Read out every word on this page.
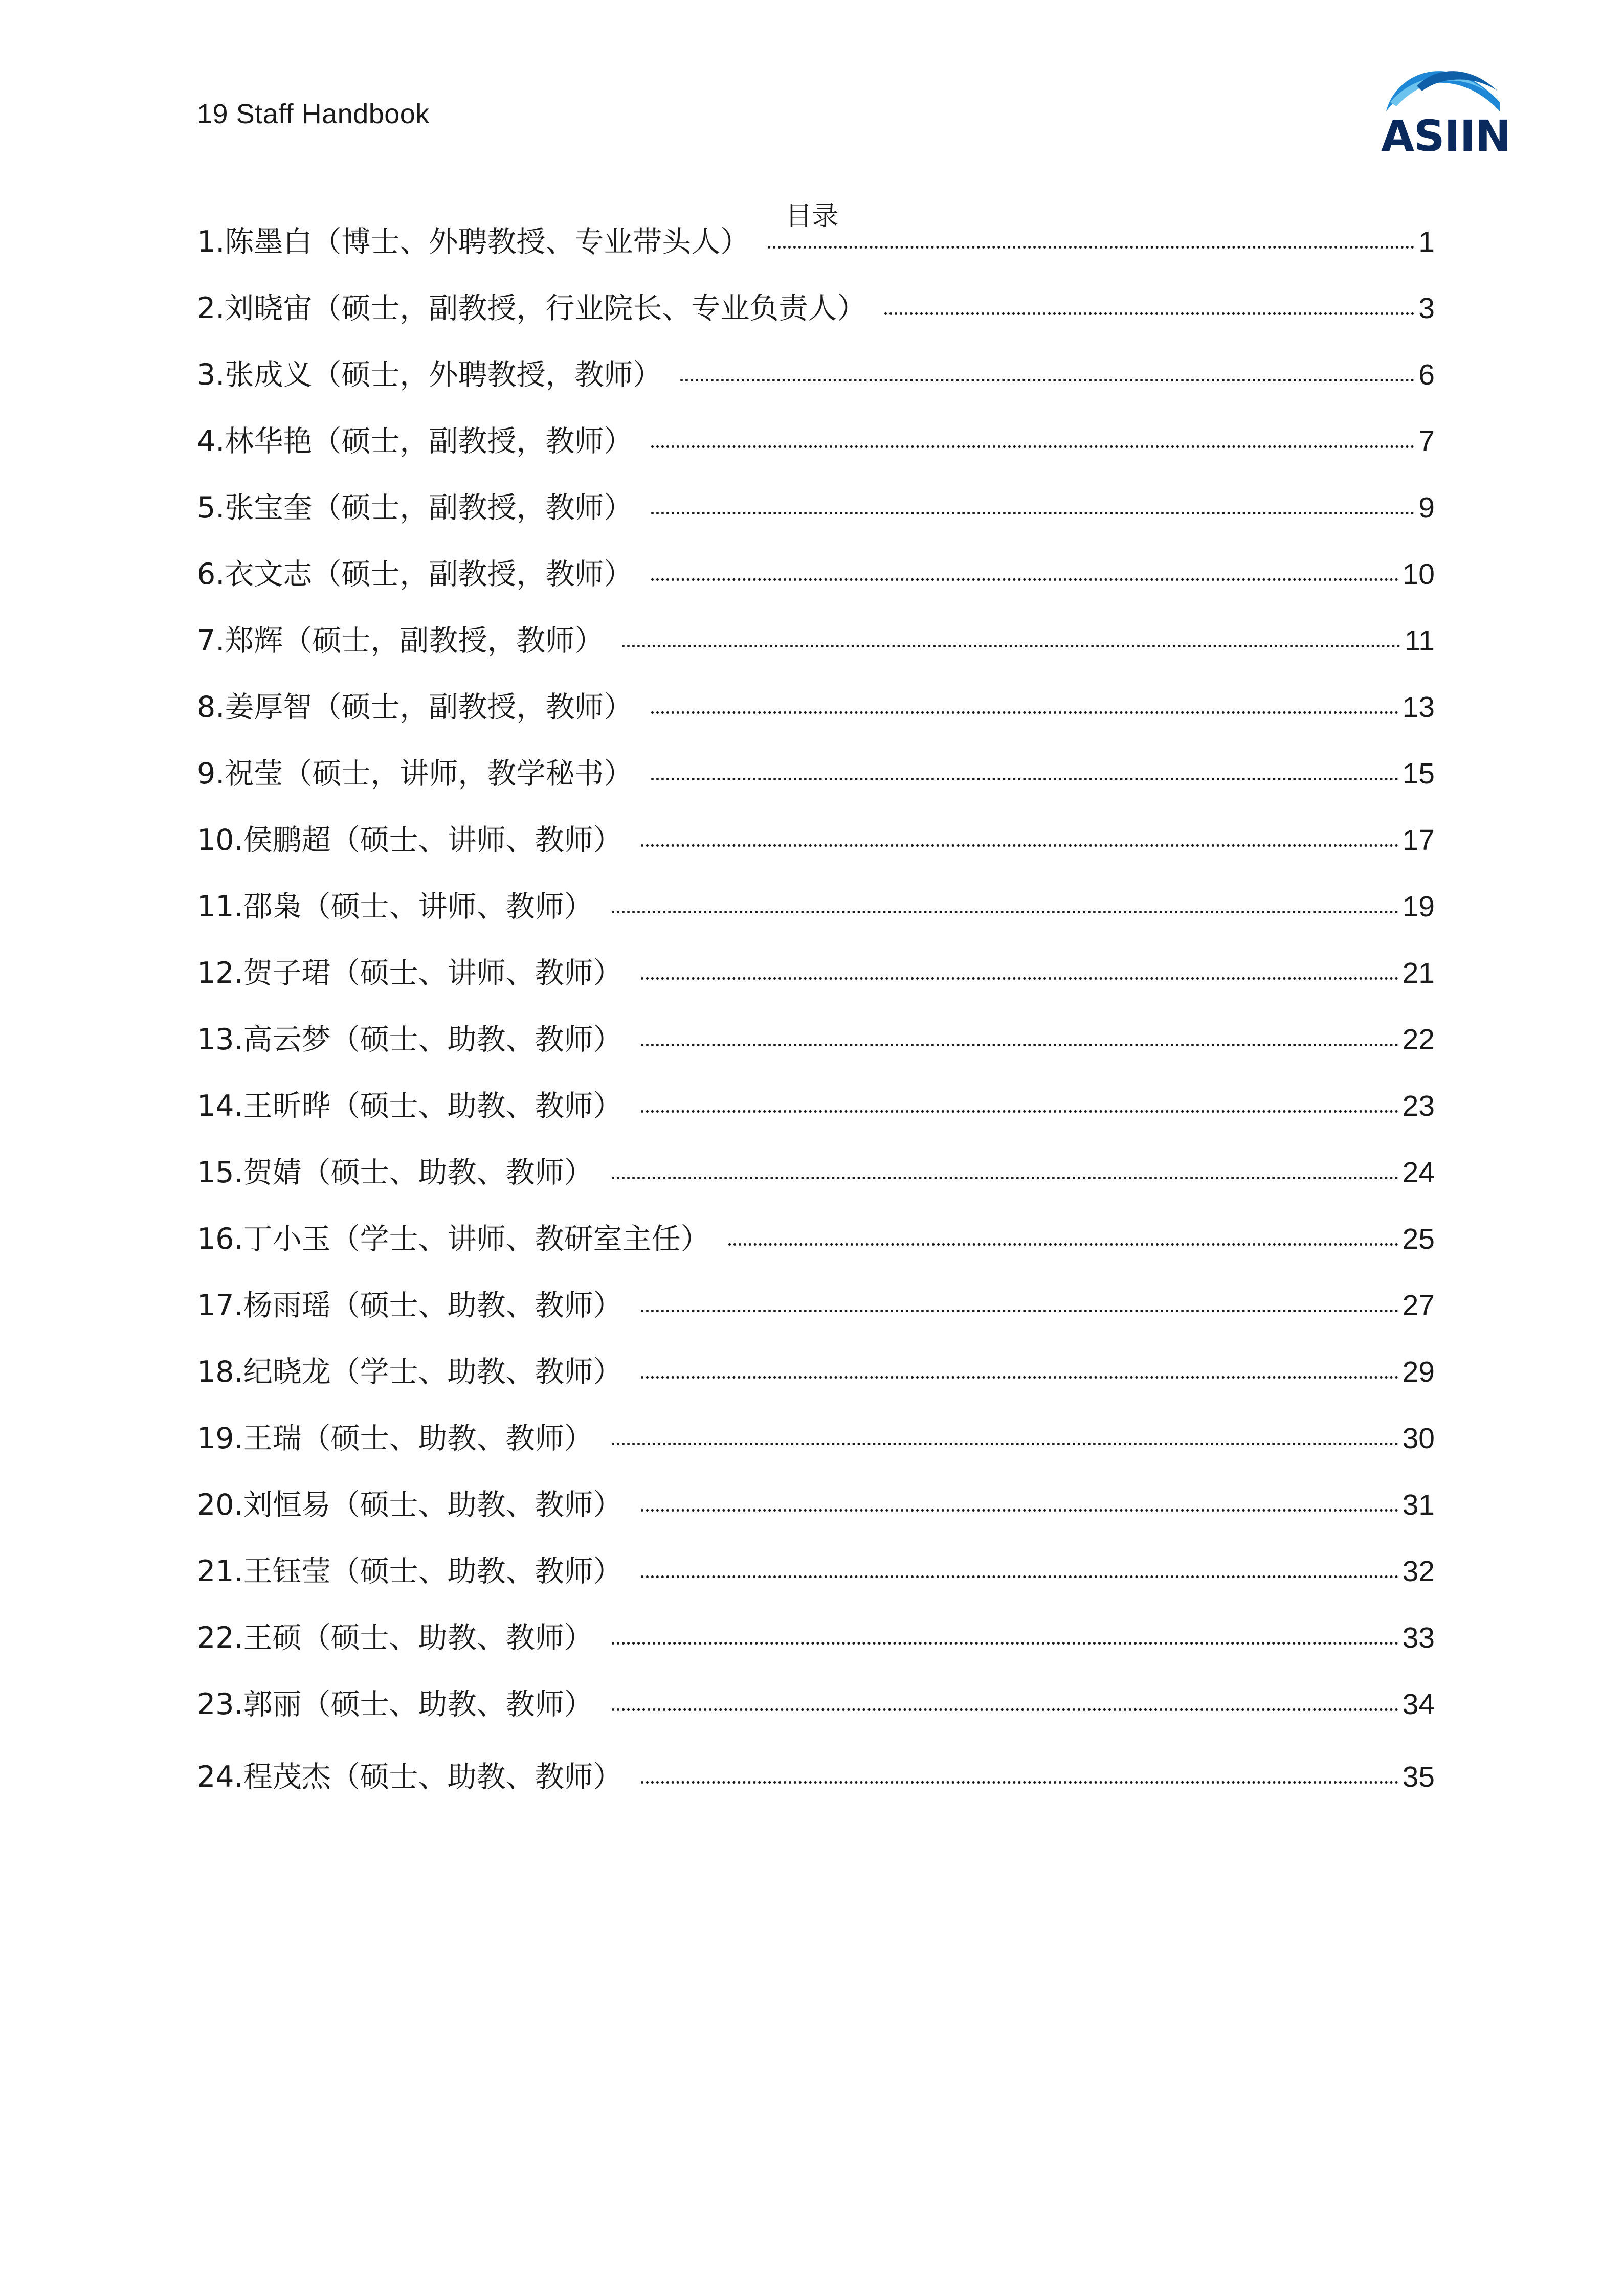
19 Staff Handbook	ASIIN
目录
1.陈墨白（博士、外聘教授、专业带头人）	1
2.刘晓宙（硕士，副教授，行业院长、专业负责人）	3
3.张成义（硕士，外聘教授，教师）	6
4.林华艳（硕士，副教授，教师）	7
5.张宝奎（硕士，副教授，教师）	9
6.衣文志（硕士，副教授，教师）	10
7.郑辉（硕士，副教授，教师）	11
8.姜厚智（硕士，副教授，教师）	13
9.祝莹（硕士，讲师，教学秘书）	15
10.侯鹏超（硕士、讲师、教师）	17
11.邵枭（硕士、讲师、教师）	19
12.贺子珺（硕士、讲师、教师）	21
13.高云梦（硕士、助教、教师）	22
14.王昕晔（硕士、助教、教师）	23
15.贺婧（硕士、助教、教师）	24
16.丁小玉（学士、讲师、教研室主任）	25
17.杨雨瑶（硕士、助教、教师）	27
18.纪晓龙（学士、助教、教师）	29
19.王瑞（硕士、助教、教师）	30
20.刘恒易（硕士、助教、教师）	31
21.王钰莹（硕士、助教、教师）	32
22.王硕（硕士、助教、教师）	33
23.郭丽（硕士、助教、教师）	34
24.程茂杰（硕士、助教、教师）	35
